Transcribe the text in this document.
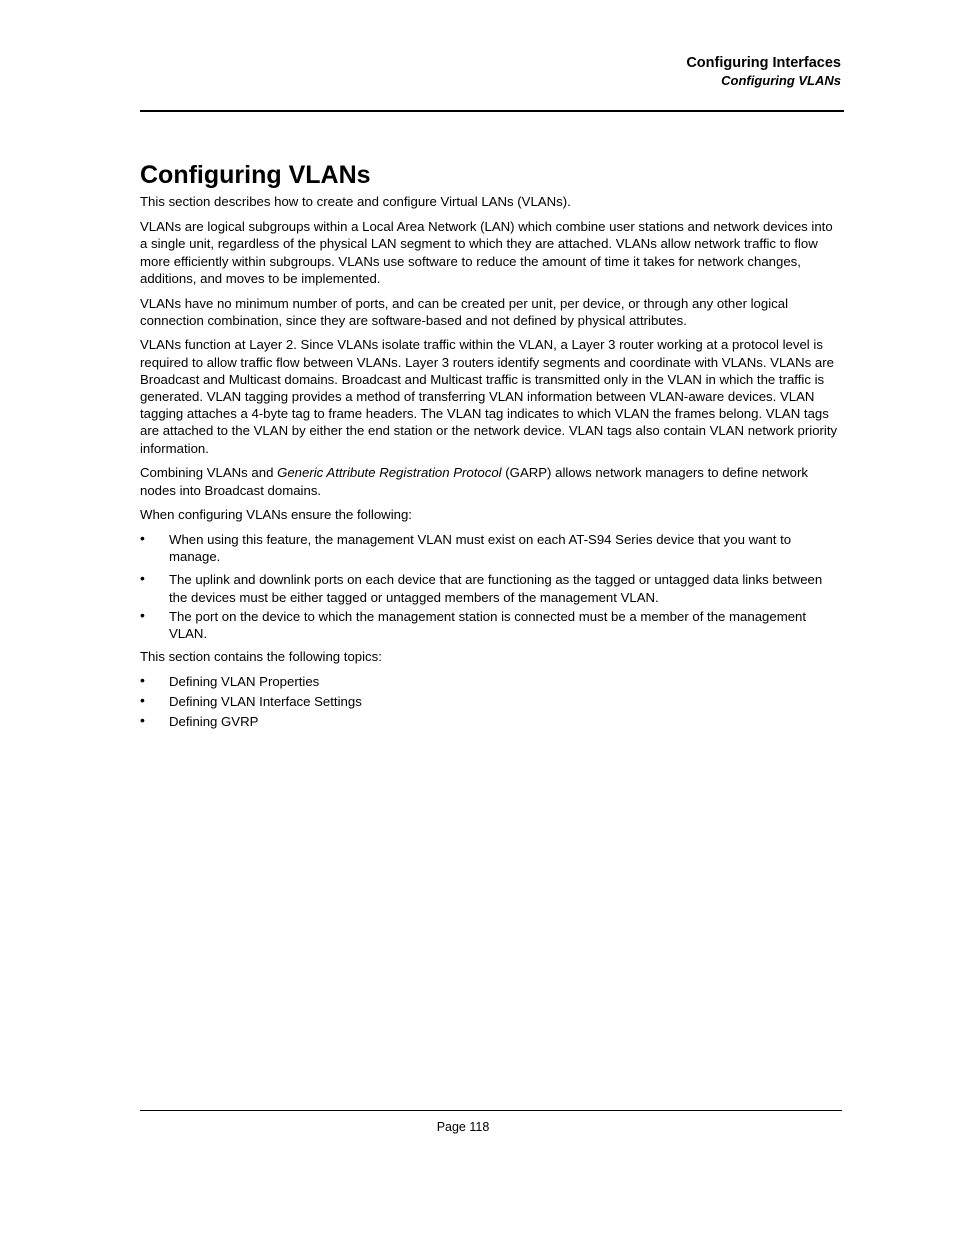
Configuring Interfaces
Configuring VLANs
Configuring VLANs

This section describes how to create and configure Virtual LANs (VLANs).

VLANs are logical subgroups within a Local Area Network (LAN) which combine user stations and network devices into a single unit, regardless of the physical LAN segment to which they are attached. VLANs allow network traffic to flow more efficiently within subgroups. VLANs use software to reduce the amount of time it takes for network changes, additions, and moves to be implemented.

VLANs have no minimum number of ports, and can be created per unit, per device, or through any other logical connection combination, since they are software-based and not defined by physical attributes.

VLANs function at Layer 2. Since VLANs isolate traffic within the VLAN, a Layer 3 router working at a protocol level is required to allow traffic flow between VLANs. Layer 3 routers identify segments and coordinate with VLANs. VLANs are Broadcast and Multicast domains. Broadcast and Multicast traffic is transmitted only in the VLAN in which the traffic is generated. VLAN tagging provides a method of transferring VLAN information between VLAN-aware devices. VLAN tagging attaches a 4-byte tag to frame headers. The VLAN tag indicates to which VLAN the frames belong. VLAN tags are attached to the VLAN by either the end station or the network device. VLAN tags also contain VLAN network priority information.

Combining VLANs and Generic Attribute Registration Protocol (GARP) allows network managers to define network nodes into Broadcast domains.

When configuring VLANs ensure the following:

• When using this feature, the management VLAN must exist on each AT-S94 Series device that you want to manage.
• The uplink and downlink ports on each device that are functioning as the tagged or untagged data links between the devices must be either tagged or untagged members of the management VLAN.
• The port on the device to which the management station is connected must be a member of the management VLAN.

This section contains the following topics:

• Defining VLAN Properties
• Defining VLAN Interface Settings
• Defining GVRP
Page 118
